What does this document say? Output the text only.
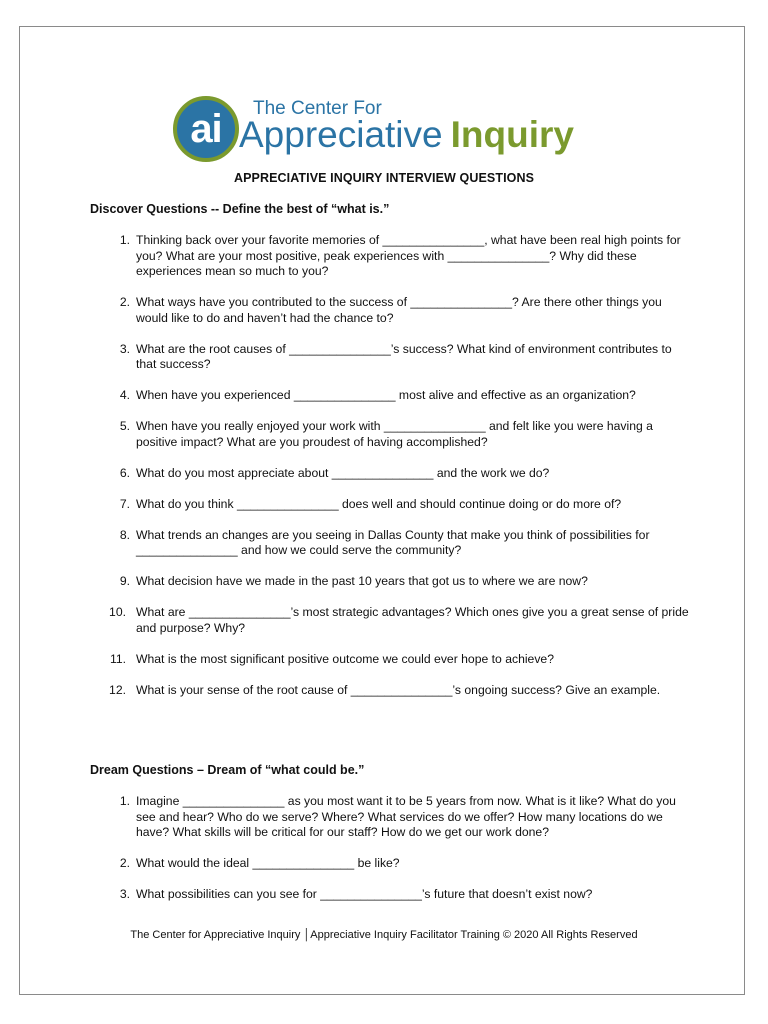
ai	The Center For
Appreciative Inquiry
APPRECIATIVE INQUIRY INTERVIEW QUESTIONS
Discover Questions -- Define the best of “what is.”
1. Thinking back over your favorite memories of _______________, what have been real high points for you? What are your most positive, peak experiences with _______________? Why did these experiences mean so much to you?
2. What ways have you contributed to the success of _______________? Are there other things you would like to do and haven’t had the chance to?
3. What are the root causes of _______________’s success? What kind of environment contributes to that success?
4. When have you experienced _______________ most alive and effective as an organization?
5. When have you really enjoyed your work with _______________ and felt like you were having a positive impact? What are you proudest of having accomplished?
6. What do you most appreciate about _______________ and the work we do?
7. What do you think _______________ does well and should continue doing or do more of?
8. What trends an changes are you seeing in Dallas County that make you think of possibilities for _______________ and how we could serve the community?
9. What decision have we made in the past 10 years that got us to where we are now?
10. What are _______________’s most strategic advantages? Which ones give you a great sense of pride and purpose? Why?
11. What is the most significant positive outcome we could ever hope to achieve?
12. What is your sense of the root cause of _______________’s ongoing success? Give an example.
Dream Questions – Dream of “what could be.”
1. Imagine _______________ as you most want it to be 5 years from now. What is it like? What do you see and hear? Who do we serve? Where? What services do we offer? How many locations do we have? What skills will be critical for our staff? How do we get our work done?
2. What would the ideal _______________ be like?
3. What possibilities can you see for _______________’s future that doesn’t exist now?
The Center for Appreciative Inquiry │Appreciative Inquiry Facilitator Training © 2020 All Rights Reserved
